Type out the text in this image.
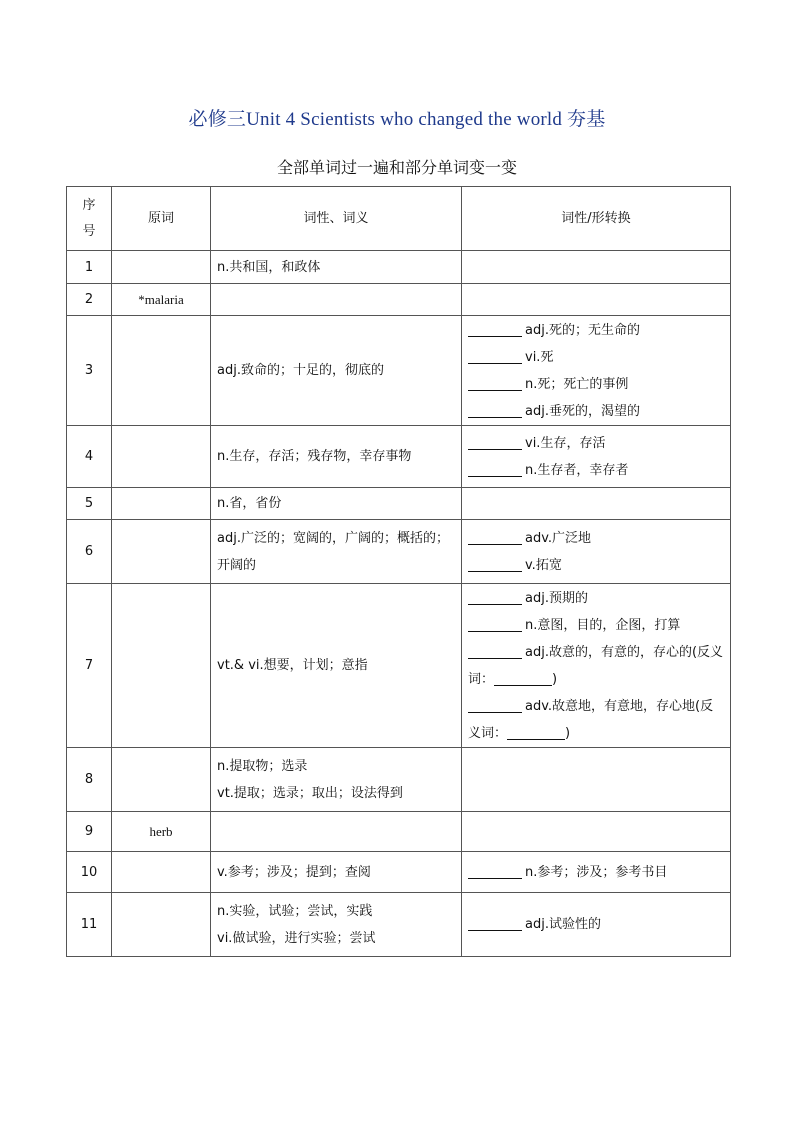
必修三Unit 4 Scientists who changed the world 夯基
全部单词过一遍和部分单词变一变
序
号	原词	词性、词义	词性/形转换
1		n.共和国，和政体	

2	*malaria		
3		adj.致命的；十足的，彻底的	adj.死的；无生命的
vi.死
n.死；死亡的事例
adj.垂死的，渴望的

4		n.生存，存活；残存物，幸存事物	vi.生存，存活
n.生存者，幸存者

5		n.省，省份	

6		adj.广泛的；宽阔的，广阔的；概括的；开阔的	adv.广泛地
v.拓宽

7		vt.& vi.想要，计划；意指	adj.预期的
n.意图，目的，企图，打算
adj.故意的，有意的，存心的(反义词： )
adv.故意地，有意地，存心地(反义词： )

8		n.提取物；选录
vt.提取；选录；取出；设法得到	

9	herb		
10		v.参考；涉及；提到；查阅	n.参考；涉及；参考书目

11		n.实验，试验；尝试，实践
vi.做试验，进行实验；尝试	adj.试验性的
